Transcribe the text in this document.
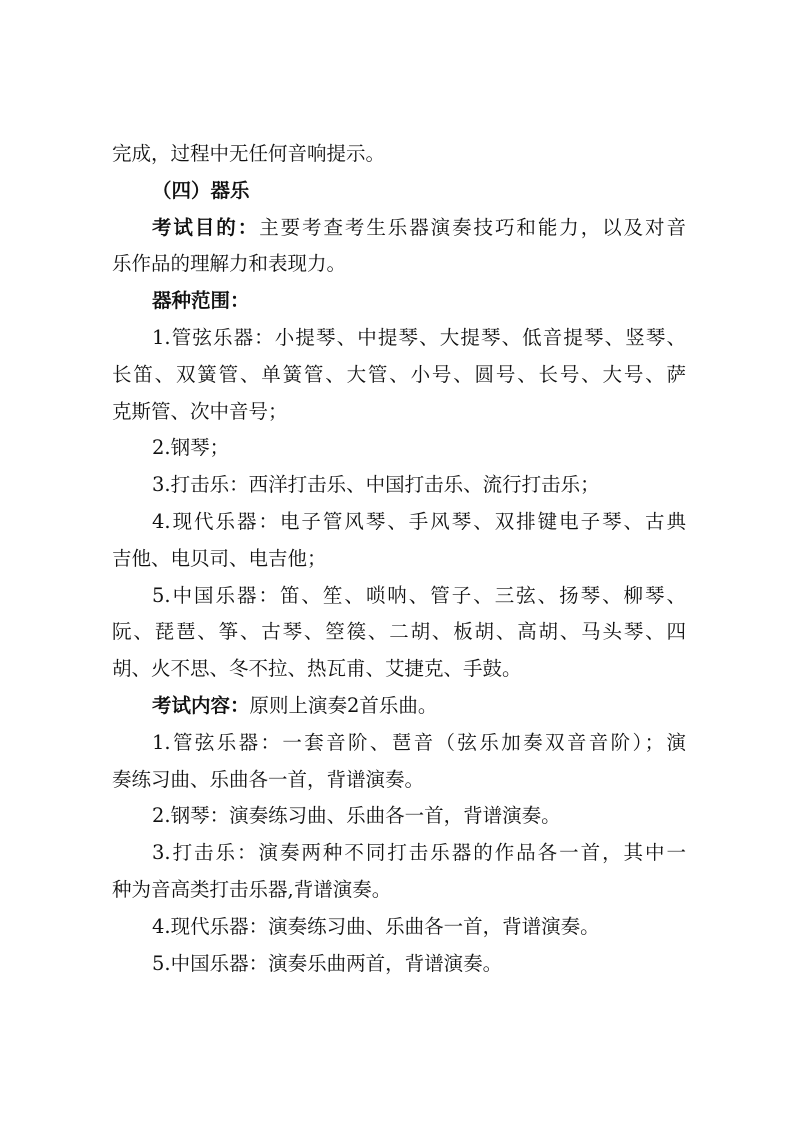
完成，过程中无任何音响提示。
（四）器乐
考试目的：主要考查考生乐器演奏技巧和能力，以及对音
乐作品的理解力和表现力。
器种范围：
1.管弦乐器：小提琴、中提琴、大提琴、低音提琴、竖琴、
长笛、双簧管、单簧管、大管、小号、圆号、长号、大号、萨
克斯管、次中音号；
2.钢琴；
3.打击乐：西洋打击乐、中国打击乐、流行打击乐；
4.现代乐器：电子管风琴、手风琴、双排键电子琴、古典
吉他、电贝司、电吉他；
5.中国乐器：笛、笙、唢呐、管子、三弦、扬琴、柳琴、
阮、琵琶、筝、古琴、箜篌、二胡、板胡、高胡、马头琴、四
胡、火不思、冬不拉、热瓦甫、艾捷克、手鼓。
考试内容：原则上演奏2首乐曲。
1.管弦乐器：一套音阶、琶音（弦乐加奏双音音阶）；演
奏练习曲、乐曲各一首，背谱演奏。
2.钢琴：演奏练习曲、乐曲各一首，背谱演奏。
3.打击乐：演奏两种不同打击乐器的作品各一首，其中一
种为音高类打击乐器,背谱演奏。
4.现代乐器：演奏练习曲、乐曲各一首，背谱演奏。
5.中国乐器：演奏乐曲两首，背谱演奏。
